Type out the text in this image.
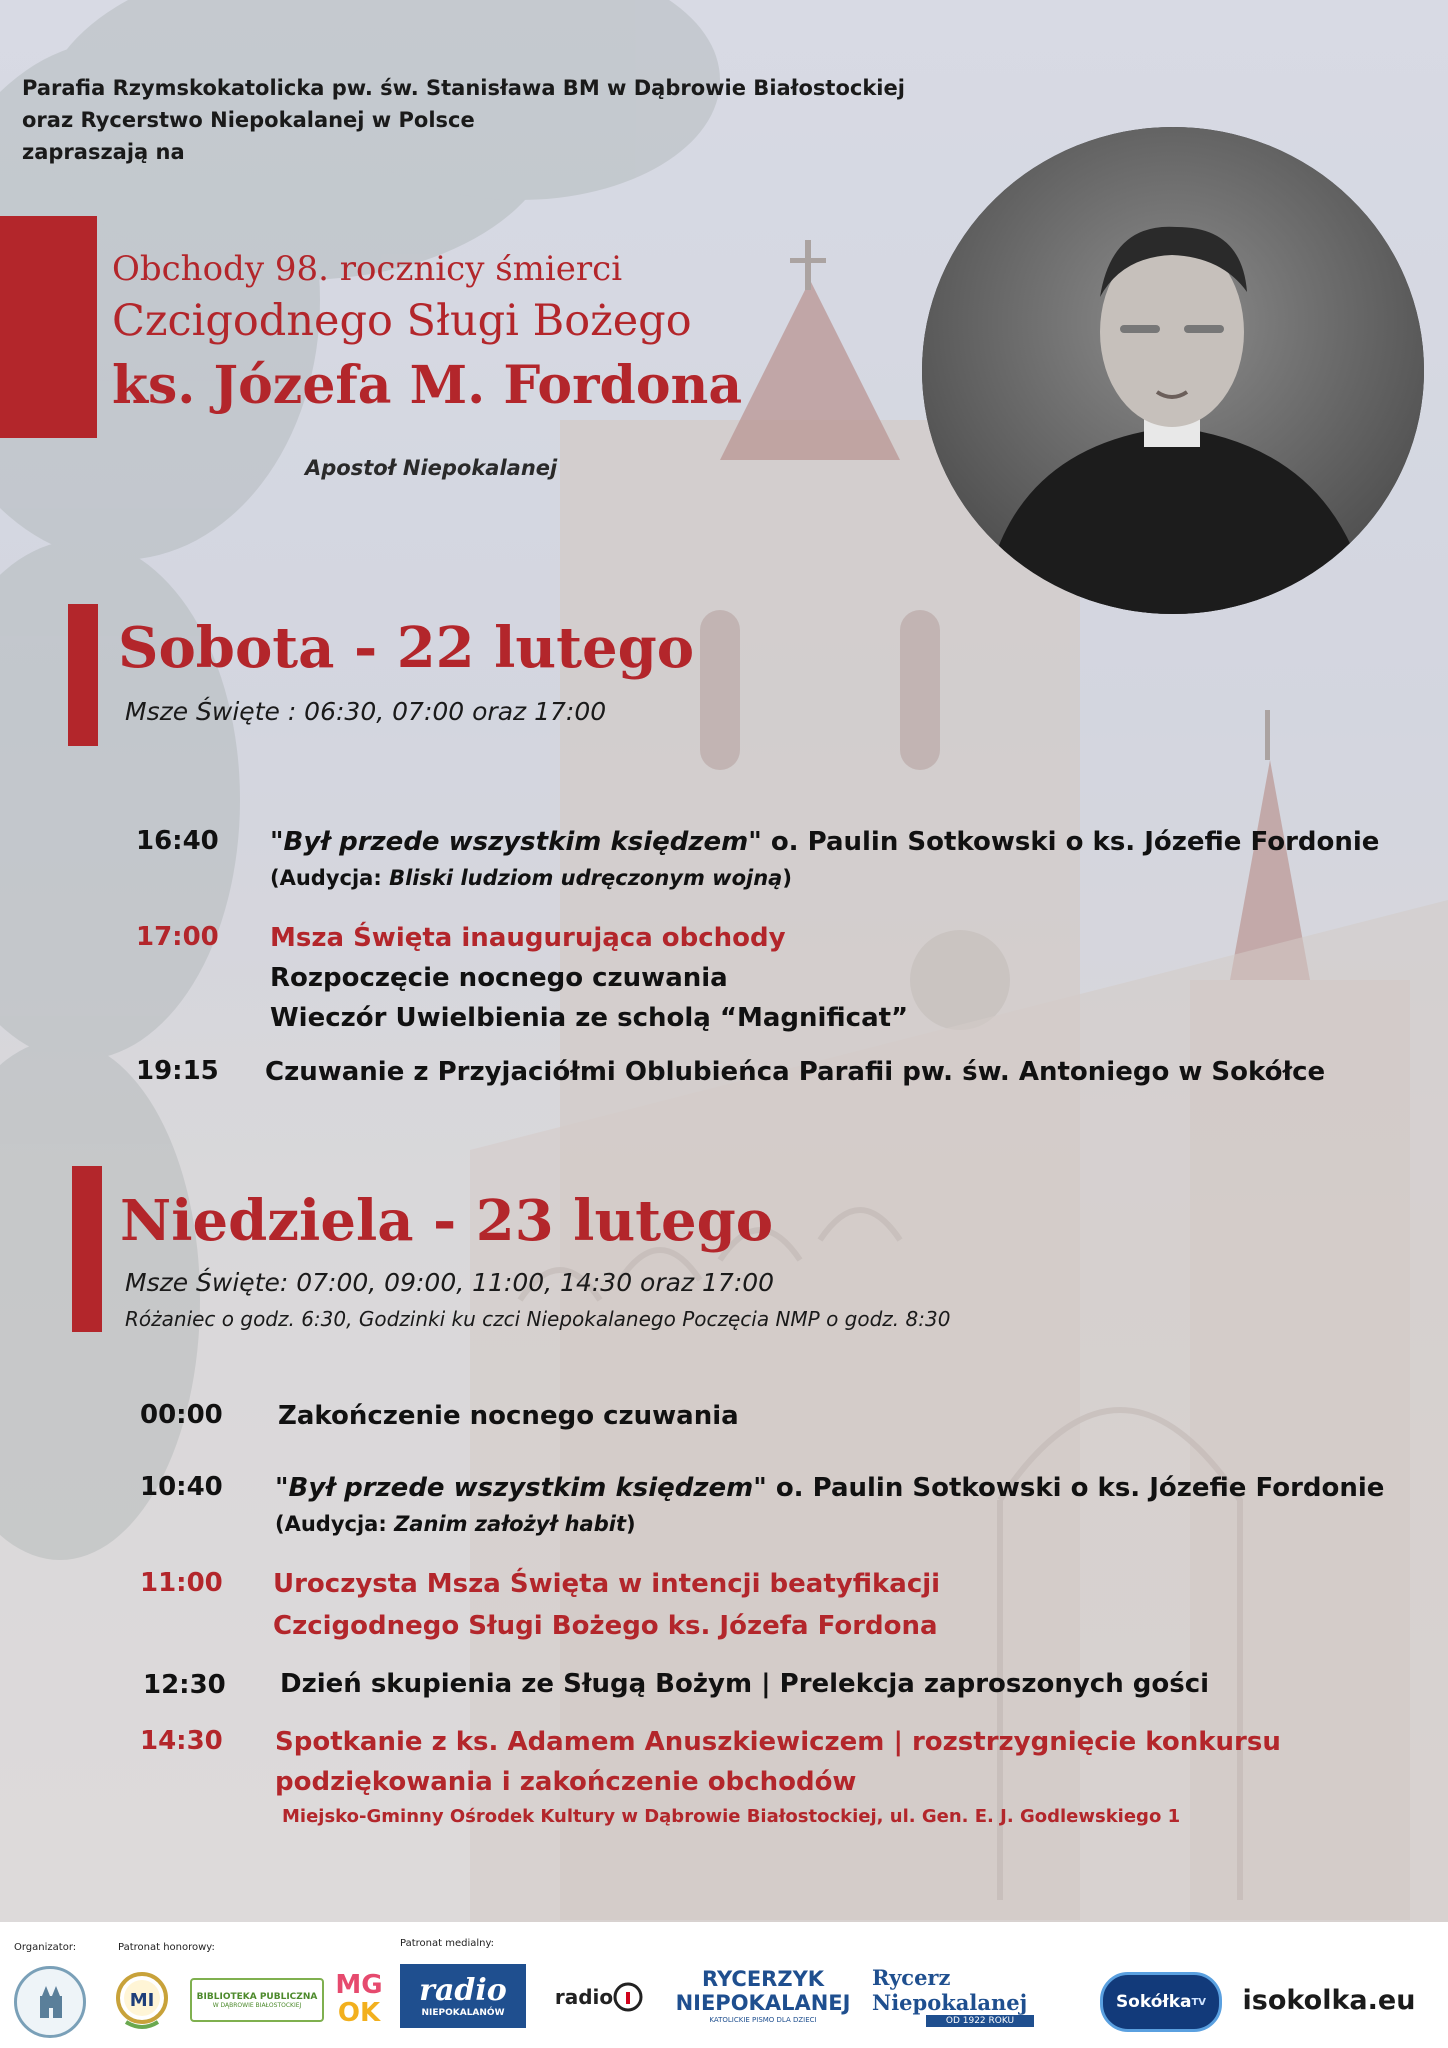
Parafia Rzymskokatolicka pw. św. Stanisława BM w Dąbrowie Białostockiej
oraz Rycerstwo Niepokalanej w Polsce
zapraszają na
Obchody 98. rocznicy śmierci
Czcigodnego Sługi Bożego
ks. Józefa M. Fordona
Apostoł Niepokalanej
Sobota - 22 lutego
Msze Święte : 06:30, 07:00 oraz 17:00
16:40 "Był przede wszystkim księdzem" o. Paulin Sotkowski o ks. Józefie Fordonie
(Audycja: Bliski ludziom udręczonym wojną)
17:00 Msza Święta inaugurująca obchody
Rozpoczęcie nocnego czuwania
Wieczór Uwielbienia ze scholą “Magnificat”
19:15 Czuwanie z Przyjaciółmi Oblubieńca Parafii pw. św. Antoniego w Sokółce
Niedziela - 23 lutego
Msze Święte: 07:00, 09:00, 11:00, 14:30 oraz 17:00
Różaniec o godz. 6:30, Godzinki ku czci Niepokalanego Poczęcia NMP o godz. 8:30
00:00 Zakończenie nocnego czuwania
10:40 "Był przede wszystkim księdzem" o. Paulin Sotkowski o ks. Józefie Fordonie
(Audycja: Zanim założył habit)
11:00 Uroczysta Msza Święta w intencji beatyfikacji
Czcigodnego Sługi Bożego ks. Józefa Fordona
12:30 Dzień skupienia ze Sługą Bożym | Prelekcja zaproszonych gości
14:30 Spotkanie z ks. Adamem Anuszkiewiczem | rozstrzygnięcie konkursu
podziękowania i zakończenie obchodów
Miejsko-Gminny Ośrodek Kultury w Dąbrowie Białostockiej, ul. Gen. E. J. Godlewskiego 1
Organizator:	Patronat honorowy:	Patronat medialny:
MI	BIBLIOTEKA PUBLICZNA
W DĄBROWIE BIAŁOSTOCKIEJ
MG
OK
radio
NIEPOKALANÓW
radio
RYCERZYK
NIEPOKALANEJ
KATOLICKIE PISMO DLA DZIECI
Rycerz Niepokalanej
OD 1922 ROKU
Sokółka TV isokolka.eu
